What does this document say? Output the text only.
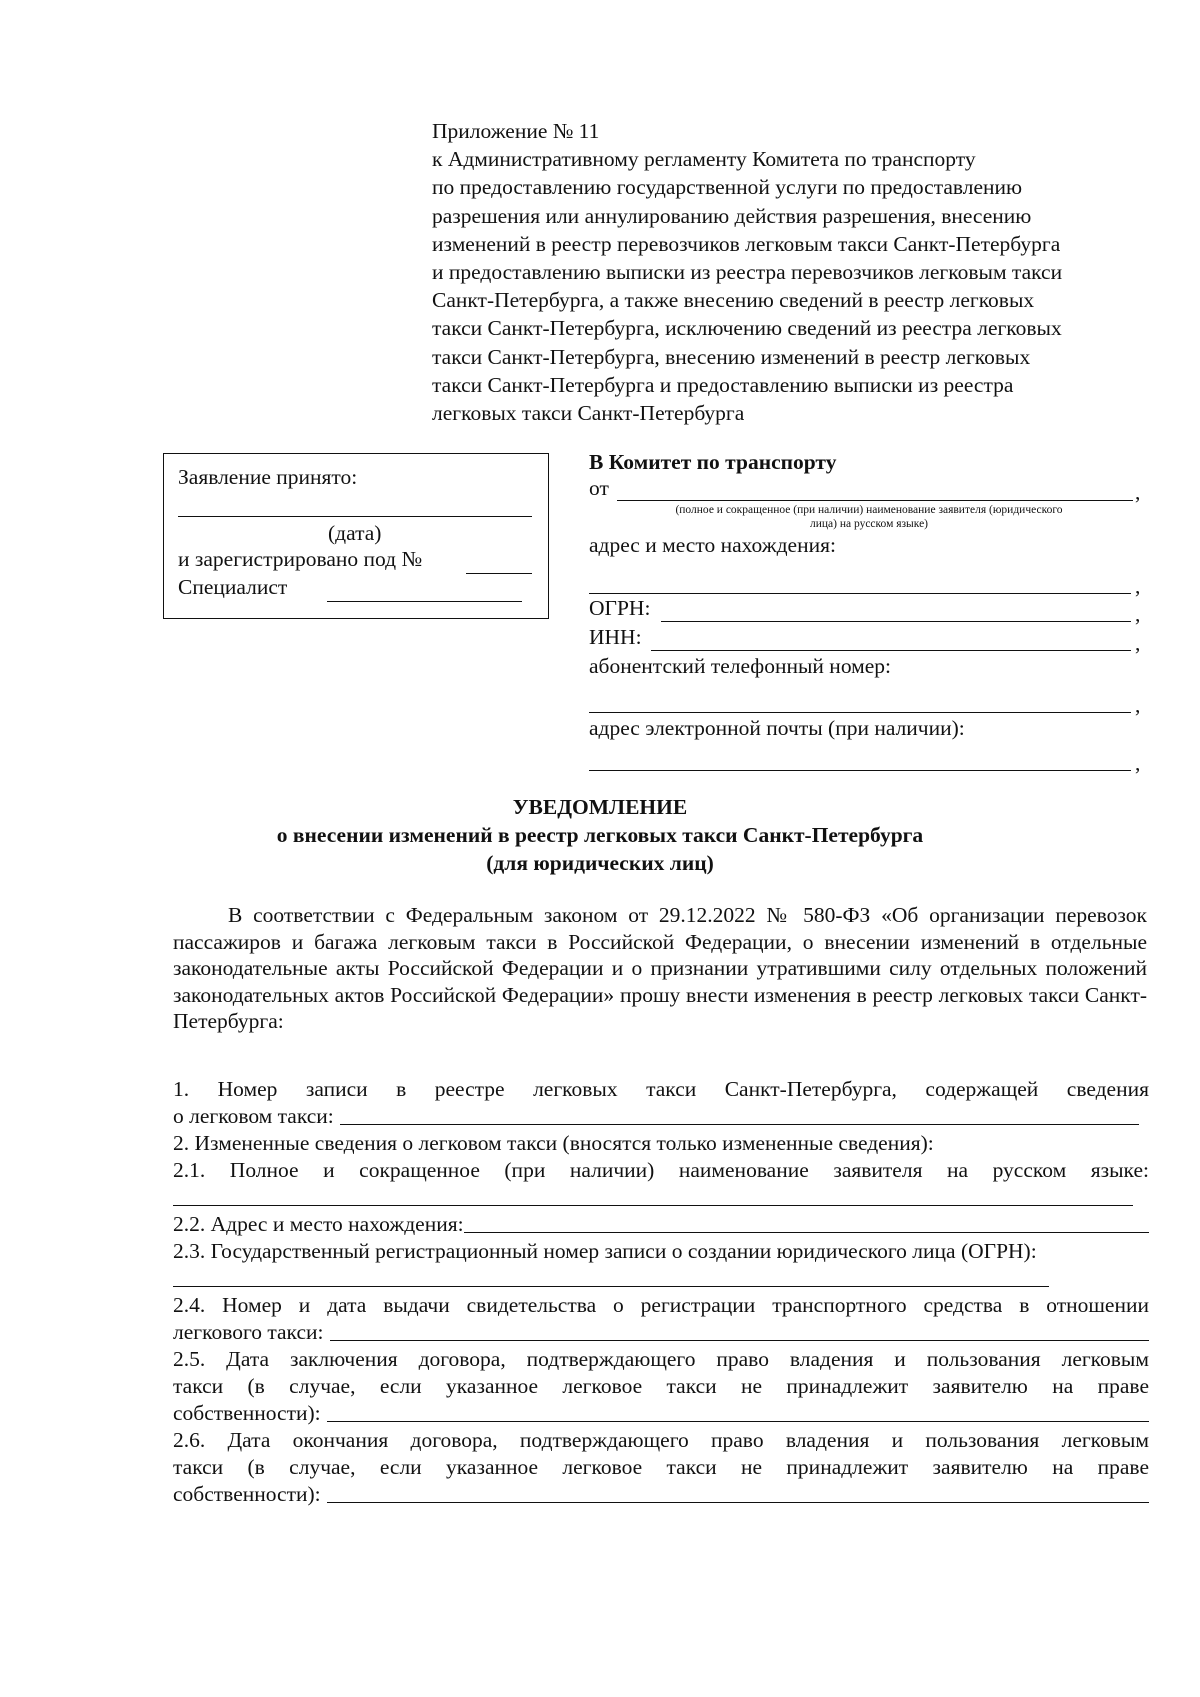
Приложение № 11
к Административному регламенту Комитета по транспорту
по предоставлению государственной услуги по предоставлению
разрешения или аннулированию действия разрешения, внесению
изменений в реестр перевозчиков легковым такси Санкт-Петербурга
и предоставлению выписки из реестра перевозчиков легковым такси
Санкт-Петербурга, а также внесению сведений в реестр легковых
такси Санкт-Петербурга, исключению сведений из реестра легковых
такси Санкт-Петербурга, внесению изменений в реестр легковых
такси Санкт-Петербурга и предоставлению выписки из реестра
легковых такси Санкт-Петербурга
Заявление принято:
(дата)
и зарегистрировано под №
Специалист
В Комитет по транспорту
от	,
(полное и сокращенное (при наличии) наименование заявителя (юридического
лица) на русском языке)
адрес и место нахождения:
,
ОГРН:	,
ИНН:	,
абонентский телефонный номер:
,
адрес электронной почты (при наличии):
,
УВЕДОМЛЕНИЕ
о внесении изменений в реестр легковых такси Санкт-Петербурга
(для юридических лиц)

В соответствии с Федеральным законом от 29.12.2022 № 580-ФЗ «Об организации перевозок пассажиров и багажа легковым такси в Российской Федерации, о внесении изменений в отдельные законодательные акты Российской Федерации и о признании утратившими силу отдельных положений законодательных актов Российской Федерации» прошу внести изменения в реестр легковых такси Санкт-Петербурга:

1. Номер записи в реестре легковых такси Санкт-Петербурга, содержащей сведения
о легковом такси:
2. Измененные сведения о легковом такси (вносятся только измененные сведения):
2.1. Полное и сокращенное (при наличии) наименование заявителя на русском языке:
2.2. Адрес и место нахождения:
2.3. Государственный регистрационный номер записи о создании юридического лица (ОГРН):
2.4. Номер и дата выдачи свидетельства о регистрации транспортного средства в отношении
легкового такси:
2.5. Дата заключения договора, подтверждающего право владения и пользования легковым
такси (в случае, если указанное легковое такси не принадлежит заявителю на праве
собственности):
2.6. Дата окончания договора, подтверждающего право владения и пользования легковым
такси (в случае, если указанное легковое такси не принадлежит заявителю на праве
собственности):
